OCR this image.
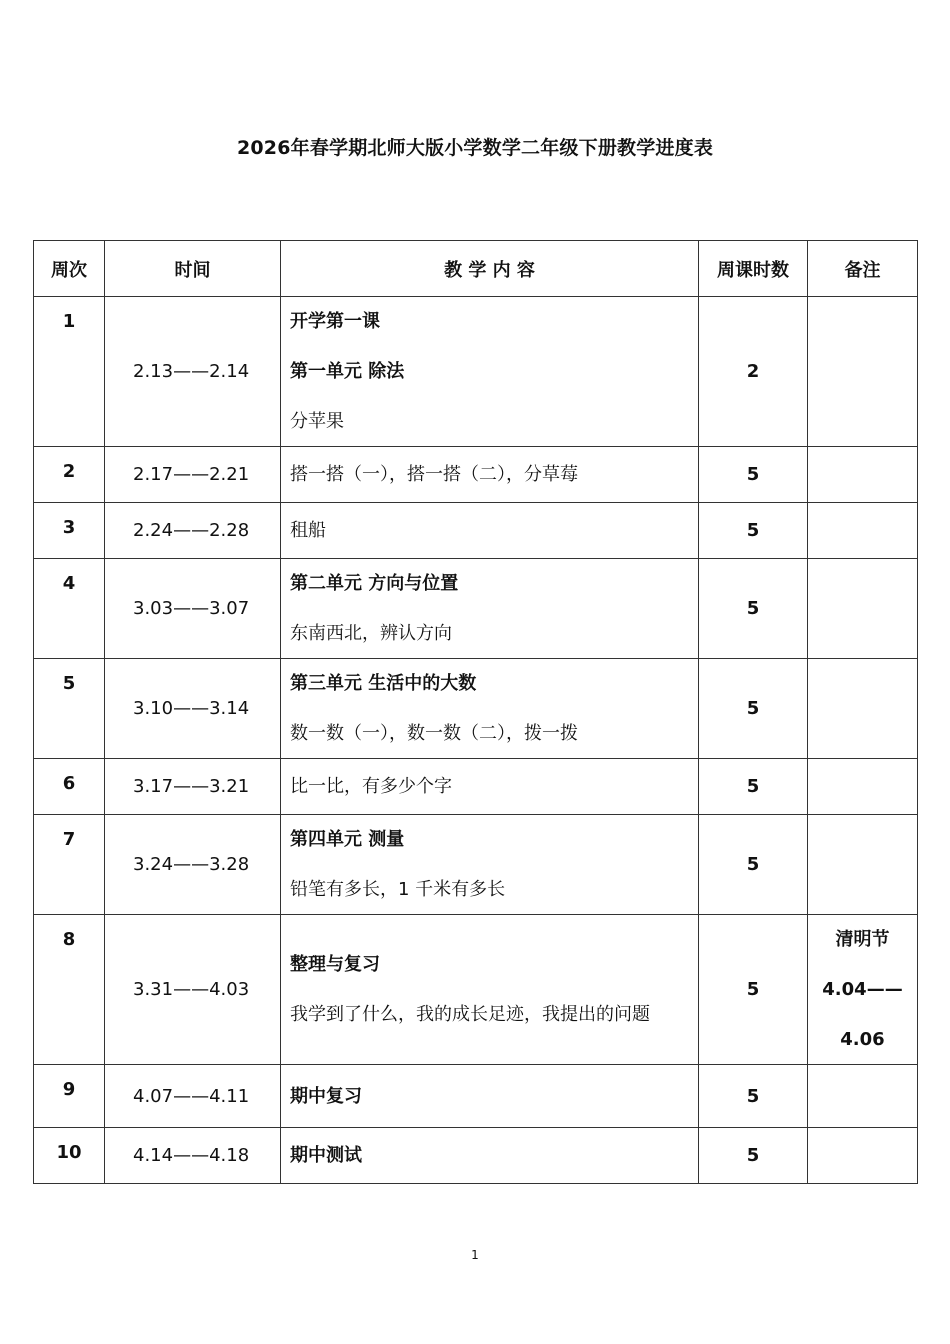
2026年春学期北师大版小学数学二年级下册教学进度表
周次	时间	教 学 内 容	周课时数	备注
1	2.13——2.14	开学第一课
第一单元 除法
分苹果	2	
2	2.17——2.21	搭一搭（一），搭一搭（二），分草莓	5	
3	2.24——2.28	租船	5	
4	3.03——3.07	第二单元 方向与位置
东南西北，辨认方向	5	
5	3.10——3.14	第三单元 生活中的大数
数一数（一），数一数（二），拨一拨	5	
6	3.17——3.21	比一比，有多少个字	5	
7	3.24——3.28	第四单元 测量
铅笔有多长，1 千米有多长	5	
8	3.31——4.03	整理与复习
我学到了什么，我的成长足迹，我提出的问题	5	清明节
4.04——
4.06

9	4.07——4.11	期中复习	5	
10	4.14——4.18	期中测试	5	
1
